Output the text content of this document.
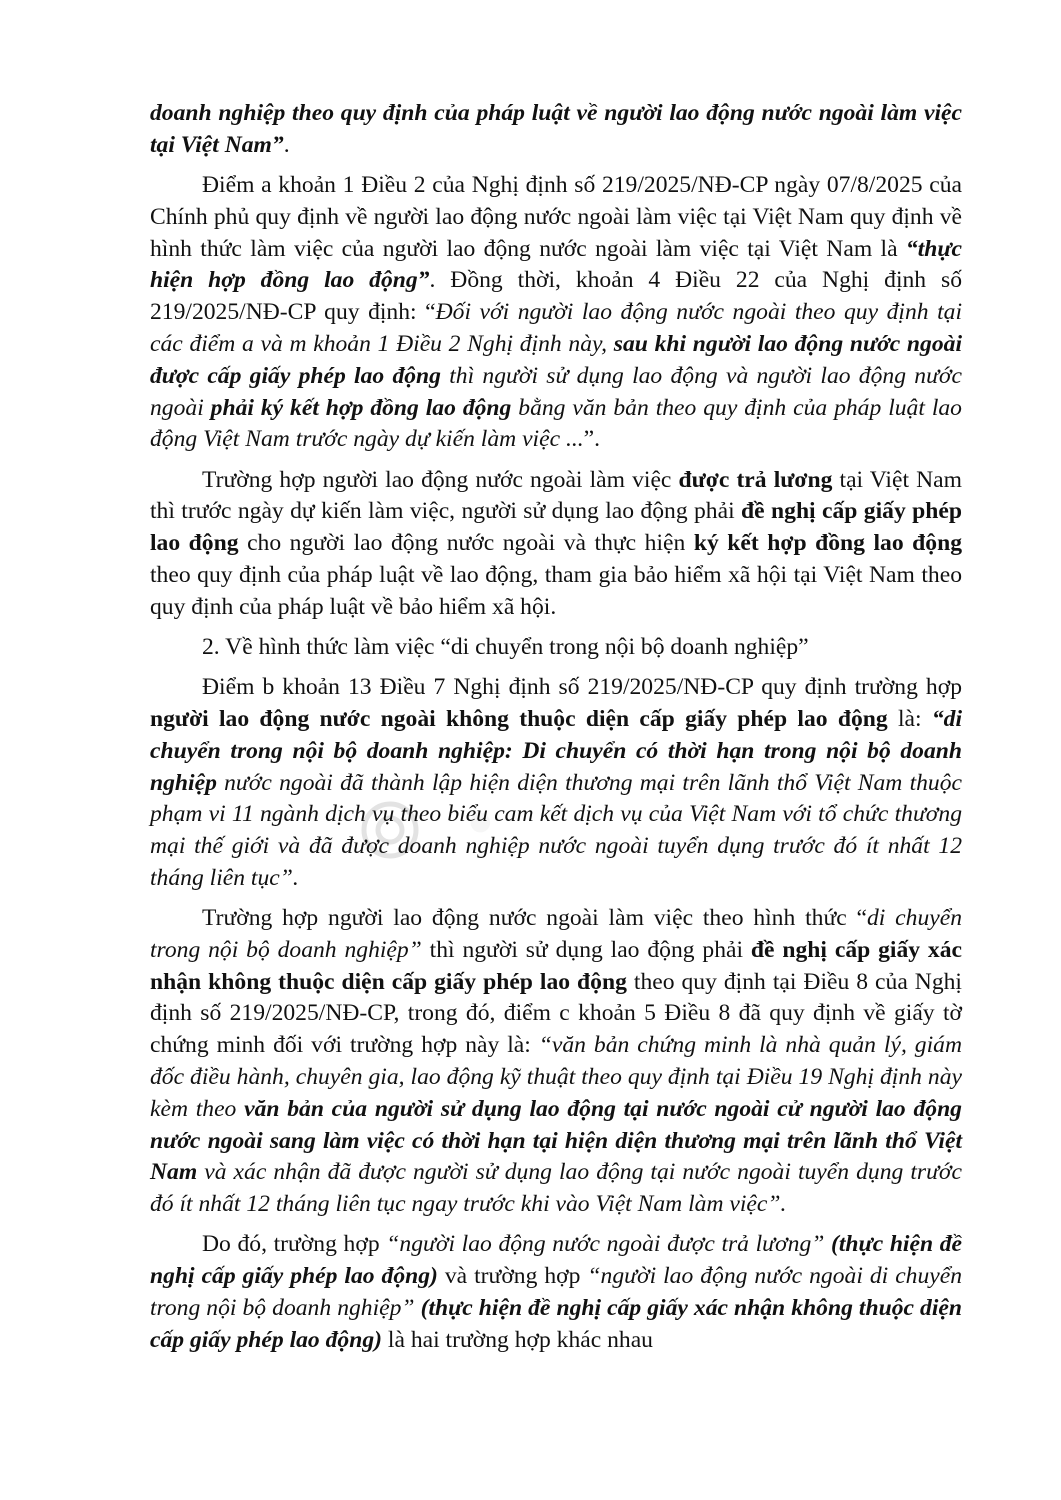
·

doanh nghiệp theo quy định của pháp luật về người lao động nước ngoài làm việc tại Việt Nam”.

Điểm a khoản 1 Điều 2 của Nghị định số 219/2025/NĐ-CP ngày 07/8/2025 của Chính phủ quy định về người lao động nước ngoài làm việc tại Việt Nam quy định về hình thức làm việc của người lao động nước ngoài làm việc tại Việt Nam là “thực hiện hợp đồng lao động”. Đồng thời, khoản 4 Điều 22 của Nghị định số 219/2025/NĐ-CP quy định: “Đối với người lao động nước ngoài theo quy định tại các điểm a và m khoản 1 Điều 2 Nghị định này, sau khi người lao động nước ngoài được cấp giấy phép lao động thì người sử dụng lao động và người lao động nước ngoài phải ký kết hợp đồng lao động bằng văn bản theo quy định của pháp luật lao động Việt Nam trước ngày dự kiến làm việc ...”.

Trường hợp người lao động nước ngoài làm việc được trả lương tại Việt Nam thì trước ngày dự kiến làm việc, người sử dụng lao động phải đề nghị cấp giấy phép lao động cho người lao động nước ngoài và thực hiện ký kết hợp đồng lao động theo quy định của pháp luật về lao động, tham gia bảo hiểm xã hội tại Việt Nam theo quy định của pháp luật về bảo hiểm xã hội.

2. Về hình thức làm việc “di chuyển trong nội bộ doanh nghiệp”

Điểm b khoản 13 Điều 7 Nghị định số 219/2025/NĐ-CP quy định trường hợp người lao động nước ngoài không thuộc diện cấp giấy phép lao động là: “di chuyển trong nội bộ doanh nghiệp: Di chuyển có thời hạn trong nội bộ doanh nghiệp nước ngoài đã thành lập hiện diện thương mại trên lãnh thổ Việt Nam thuộc phạm vi 11 ngành dịch vụ theo biểu cam kết dịch vụ của Việt Nam với tổ chức thương mại thế giới và đã được doanh nghiệp nước ngoài tuyển dụng trước đó ít nhất 12 tháng liên tục”.

Trường hợp người lao động nước ngoài làm việc theo hình thức “di chuyển trong nội bộ doanh nghiệp” thì người sử dụng lao động phải đề nghị cấp giấy xác nhận không thuộc diện cấp giấy phép lao động theo quy định tại Điều 8 của Nghị định số 219/2025/NĐ-CP, trong đó, điểm c khoản 5 Điều 8 đã quy định về giấy tờ chứng minh đối với trường hợp này là: “văn bản chứng minh là nhà quản lý, giám đốc điều hành, chuyên gia, lao động kỹ thuật theo quy định tại Điều 19 Nghị định này kèm theo văn bản của người sử dụng lao động tại nước ngoài cử người lao động nước ngoài sang làm việc có thời hạn tại hiện diện thương mại trên lãnh thổ Việt Nam và xác nhận đã được người sử dụng lao động tại nước ngoài tuyển dụng trước đó ít nhất 12 tháng liên tục ngay trước khi vào Việt Nam làm việc”.

Do đó, trường hợp “người lao động nước ngoài được trả lương” (thực hiện đề nghị cấp giấy phép lao động) và trường hợp “người lao động nước ngoài di chuyển trong nội bộ doanh nghiệp” (thực hiện đề nghị cấp giấy xác nhận không thuộc diện cấp giấy phép lao động) là hai trường hợp khác nhau
